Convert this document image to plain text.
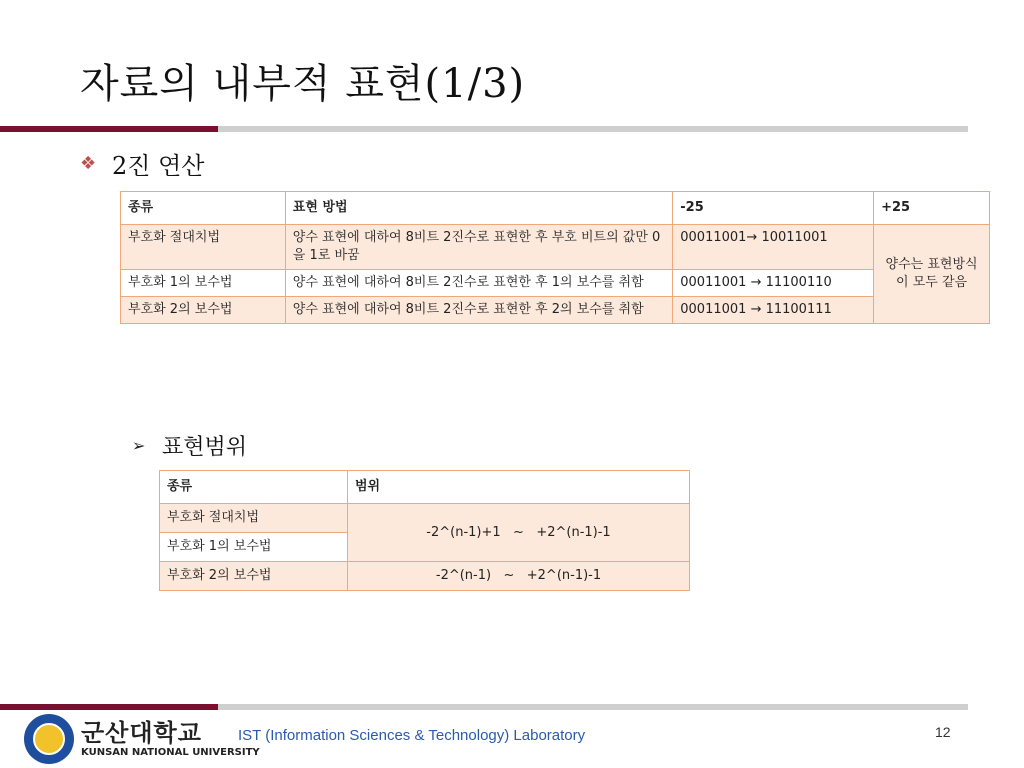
자료의 내부적 표현(1/3)
❖ 2진 연산
종류	표현 방법	-25	+25
부호화 절대치법	양수 표현에 대하여 8비트 2진수로 표현한 후 부호 비트의 값만 0을 1로 바꿈	00011001→ 10011001	양수는 표현방식이 모두 같음
부호화 1의 보수법	양수 표현에 대하여 8비트 2진수로 표현한 후 1의 보수를 취함	00011001 → 11100110	
부호화 2의 보수법	양수 표현에 대하여 8비트 2진수로 표현한 후 2의 보수를 취함	00011001 → 11100111	
➢ 표현범위
종류	범위
부호화 절대치법	-2^(n-1)+1   ~   +2^(n-1)-1
부호화 1의 보수법	
부호화 2의 보수법	-2^(n-1)   ~   +2^(n-1)-1
군산대학교
KUNSAN NATIONAL UNIVERSITY
IST (Information Sciences & Technology) Laboratory	12
